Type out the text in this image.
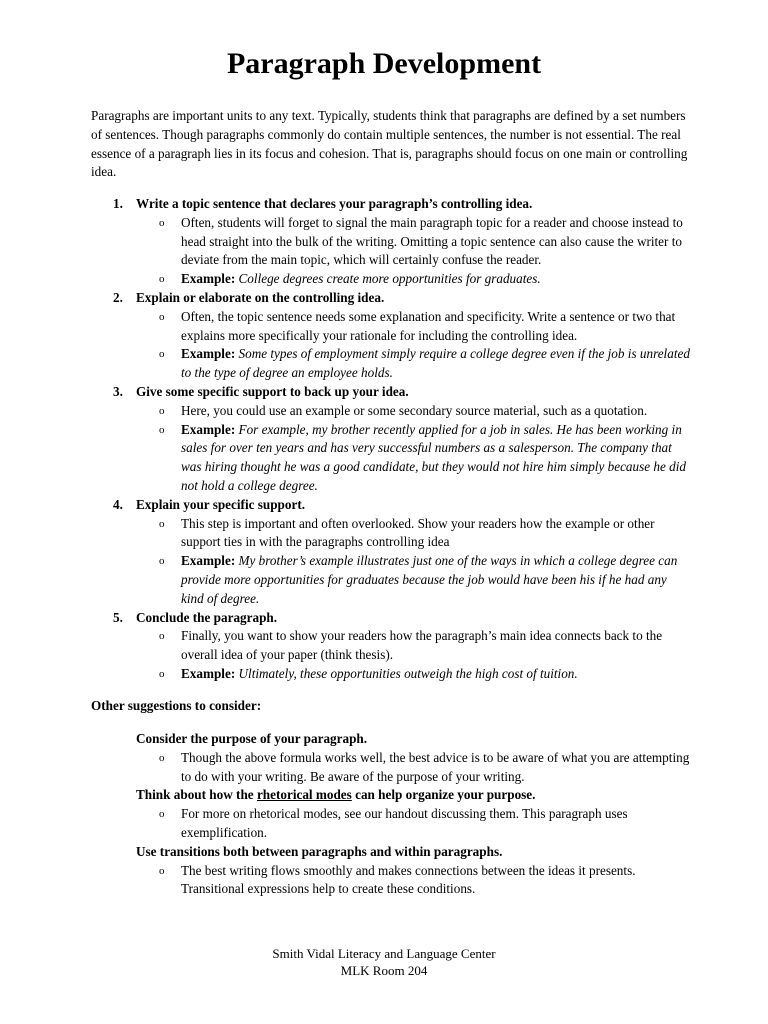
Paragraph Development

Paragraphs are important units to any text. Typically, students think that paragraphs are defined by a set numbers of sentences. Though paragraphs commonly do contain multiple sentences, the number is not essential. The real essence of a paragraph lies in its focus and cohesion. That is, paragraphs should focus on one main or controlling idea.

1. Write a topic sentence that declares your paragraph’s controlling idea.
o Often, students will forget to signal the main paragraph topic for a reader and choose instead to head straight into the bulk of the writing. Omitting a topic sentence can also cause the writer to deviate from the main topic, which will certainly confuse the reader.
o Example: College degrees create more opportunities for graduates.
2. Explain or elaborate on the controlling idea.
o Often, the topic sentence needs some explanation and specificity. Write a sentence or two that explains more specifically your rationale for including the controlling idea.
o Example: Some types of employment simply require a college degree even if the job is unrelated to the type of degree an employee holds.
3. Give some specific support to back up your idea.
o Here, you could use an example or some secondary source material, such as a quotation.
o Example: For example, my brother recently applied for a job in sales. He has been working in sales for over ten years and has very successful numbers as a salesperson. The company that was hiring thought he was a good candidate, but they would not hire him simply because he did not hold a college degree.
4. Explain your specific support.
o This step is important and often overlooked. Show your readers how the example or other support ties in with the paragraphs controlling idea
o Example: My brother’s example illustrates just one of the ways in which a college degree can provide more opportunities for graduates because the job would have been his if he had any kind of degree.
5. Conclude the paragraph.
o Finally, you want to show your readers how the paragraph’s main idea connects back to the overall idea of your paper (think thesis).
o Example: Ultimately, these opportunities outweigh the high cost of tuition.
Other suggestions to consider:
Consider the purpose of your paragraph.
o Though the above formula works well, the best advice is to be aware of what you are attempting to do with your writing. Be aware of the purpose of your writing.
Think about how the rhetorical modes can help organize your purpose.
o For more on rhetorical modes, see our handout discussing them. This paragraph uses exemplification.
Use transitions both between paragraphs and within paragraphs.
o The best writing flows smoothly and makes connections between the ideas it presents. Transitional expressions help to create these conditions.
Smith Vidal Literacy and Language Center
MLK Room 204
